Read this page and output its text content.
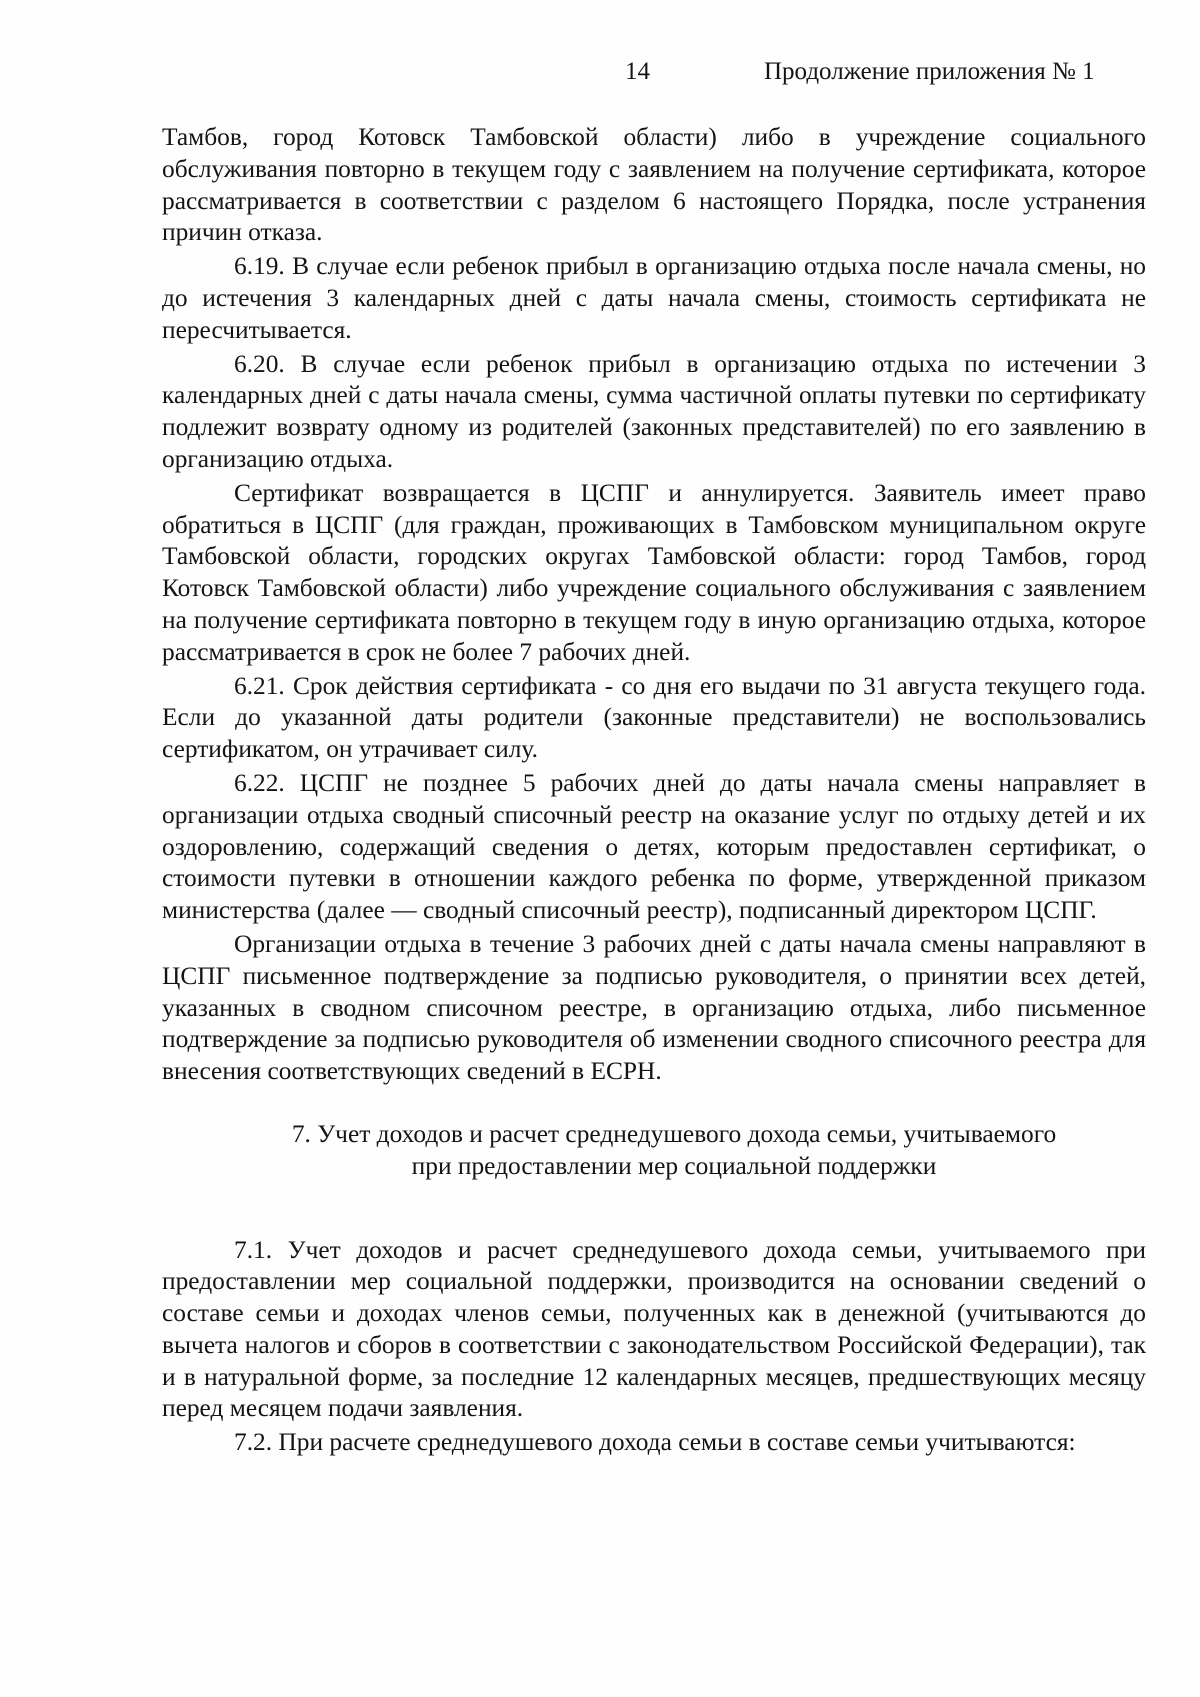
14	Продолжение приложения № 1

Тамбов, город Котовск Тамбовской области) либо в учреждение социального обслуживания повторно в текущем году с заявлением на получение сертификата, которое рассматривается в соответствии с разделом 6 настоящего Порядка, после устранения причин отказа.

6.19. В случае если ребенок прибыл в организацию отдыха после начала смены, но до истечения 3 календарных дней с даты начала смены, стоимость сертификата не пересчитывается.

6.20. В случае если ребенок прибыл в организацию отдыха по истечении 3 календарных дней с даты начала смены, сумма частичной оплаты путевки по сертификату подлежит возврату одному из родителей (законных представителей) по его заявлению в организацию отдыха.

Сертификат возвращается в ЦСПГ и аннулируется. Заявитель имеет право обратиться в ЦСПГ (для граждан, проживающих в Тамбовском муниципальном округе Тамбовской области, городских округах Тамбовской области: город Тамбов, город Котовск Тамбовской области) либо учреждение социального обслуживания с заявлением на получение сертификата повторно в текущем году в иную организацию отдыха, которое рассматривается в срок не более 7 рабочих дней.

6.21. Срок действия сертификата - со дня его выдачи по 31 августа текущего года. Если до указанной даты родители (законные представители) не воспользовались сертификатом, он утрачивает силу.

6.22. ЦСПГ не позднее 5 рабочих дней до даты начала смены направляет в организации отдыха сводный списочный реестр на оказание услуг по отдыху детей и их оздоровлению, содержащий сведения о детях, которым предоставлен сертификат, о стоимости путевки в отношении каждого ребенка по форме, утвержденной приказом министерства (далее — сводный списочный реестр), подписанный директором ЦСПГ.

Организации отдыха в течение 3 рабочих дней с даты начала смены направляют в ЦСПГ письменное подтверждение за подписью руководителя, о принятии всех детей, указанных в сводном списочном реестре, в организацию отдыха, либо письменное подтверждение за подписью руководителя об изменении сводного списочного реестра для внесения соответствующих сведений в ЕСРН.

7. Учет доходов и расчет среднедушевого дохода семьи, учитываемого
при предоставлении мер социальной поддержки

7.1. Учет доходов и расчет среднедушевого дохода семьи, учитываемого при предоставлении мер социальной поддержки, производится на основании сведений о составе семьи и доходах членов семьи, полученных как в денежной (учитываются до вычета налогов и сборов в соответствии с законодательством Российской Федерации), так и в натуральной форме, за последние 12 календарных месяцев, предшествующих месяцу перед месяцем подачи заявления.

7.2. При расчете среднедушевого дохода семьи в составе семьи учитываются:
